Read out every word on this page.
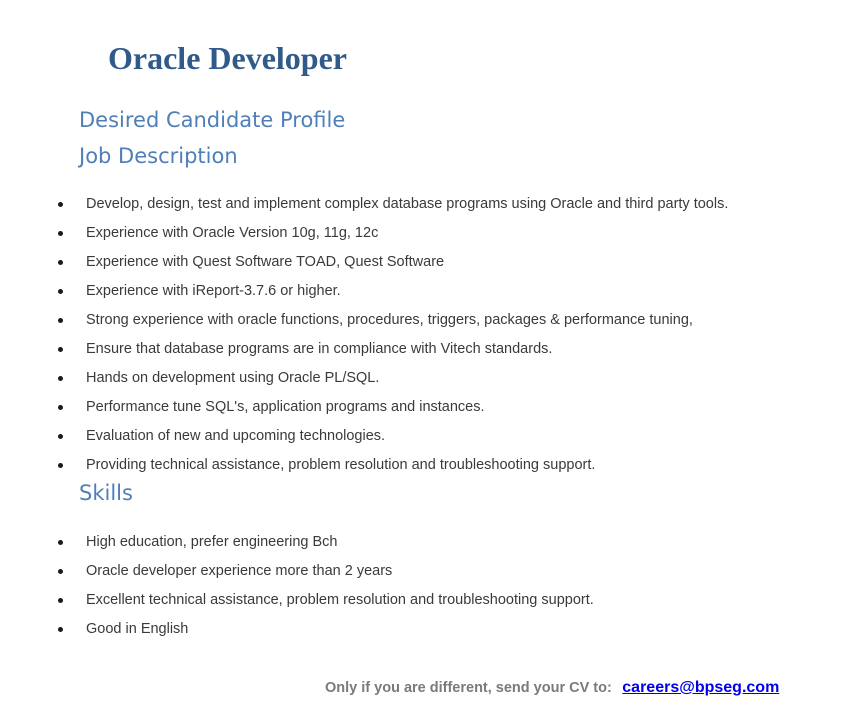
Oracle Developer
Desired Candidate Profile
Job Description
Develop, design, test and implement complex database programs using Oracle and third party tools.
Experience with Oracle Version 10g, 11g, 12c
Experience with Quest Software TOAD, Quest Software
Experience with iReport-3.7.6 or higher.
Strong experience with oracle functions, procedures, triggers, packages & performance tuning,
Ensure that database programs are in compliance with Vitech standards.
Hands on development using Oracle PL/SQL.
Performance tune SQL's, application programs and instances.
Evaluation of new and upcoming technologies.
Providing technical assistance, problem resolution and troubleshooting support.
Skills
High education, prefer engineering Bch
Oracle developer experience more than 2 years
Excellent technical assistance, problem resolution and troubleshooting support.
Good in English
Only if you are different, send your CV to: careers@bpseg.com
